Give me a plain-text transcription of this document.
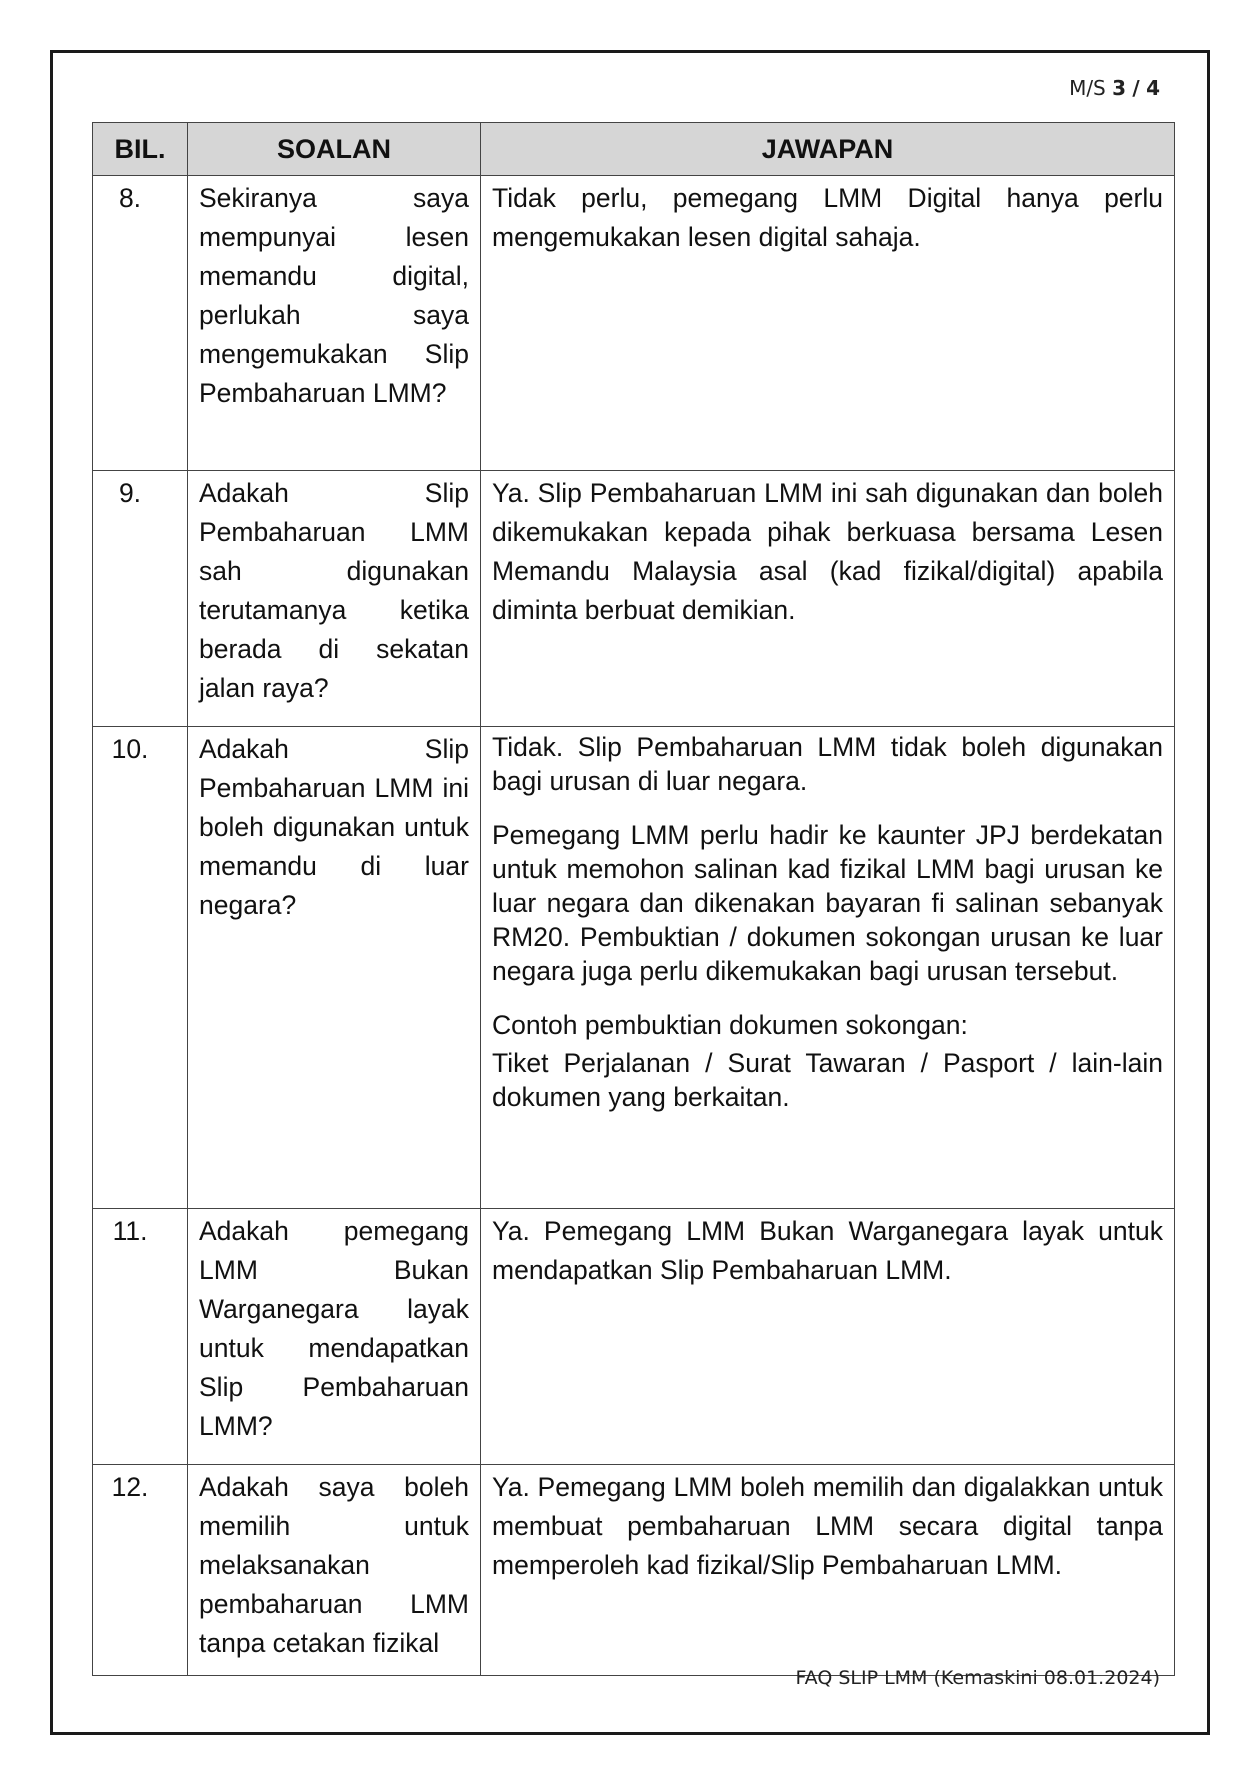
M/S 3 / 4
BIL.	SOALAN	JAWAPAN
8.	Sekiranya saya mempunyai lesen memandu digital, perlukah saya mengemukakan Slip Pembaharuan LMM?	Tidak perlu, pemegang LMM Digital hanya perlu mengemukakan lesen digital sahaja.

9.	Adakah Slip Pembaharuan LMM sah digunakan terutamanya ketika berada di sekatan jalan raya?	Ya. Slip Pembaharuan LMM ini sah digunakan dan boleh dikemukakan kepada pihak berkuasa bersama Lesen Memandu Malaysia asal (kad fizikal/digital) apabila diminta berbuat demikian.

10.	Adakah Slip Pembaharuan LMM ini boleh digunakan untuk memandu di luar negara?	Tidak. Slip Pembaharuan LMM tidak boleh digunakan bagi urusan di luar negara.

Pemegang LMM perlu hadir ke kaunter JPJ berdekatan untuk memohon salinan kad fizikal LMM bagi urusan ke luar negara dan dikenakan bayaran fi salinan sebanyak RM20. Pembuktian / dokumen sokongan urusan ke luar negara juga perlu dikemukakan bagi urusan tersebut.

Contoh pembuktian dokumen sokongan:

Tiket Perjalanan / Surat Tawaran / Pasport / lain-lain dokumen yang berkaitan.

11.	Adakah pemegang LMM Bukan Warganegara layak untuk mendapatkan Slip Pembaharuan LMM?	Ya. Pemegang LMM Bukan Warganegara layak untuk mendapatkan Slip Pembaharuan LMM.

12.	Adakah saya boleh memilih untuk melaksanakan pembaharuan LMM tanpa cetakan fizikal	Ya. Pemegang LMM boleh memilih dan digalakkan untuk membuat pembaharuan LMM secara digital tanpa memperoleh kad fizikal/Slip Pembaharuan LMM.

FAQ SLIP LMM (Kemaskini 08.01.2024)
